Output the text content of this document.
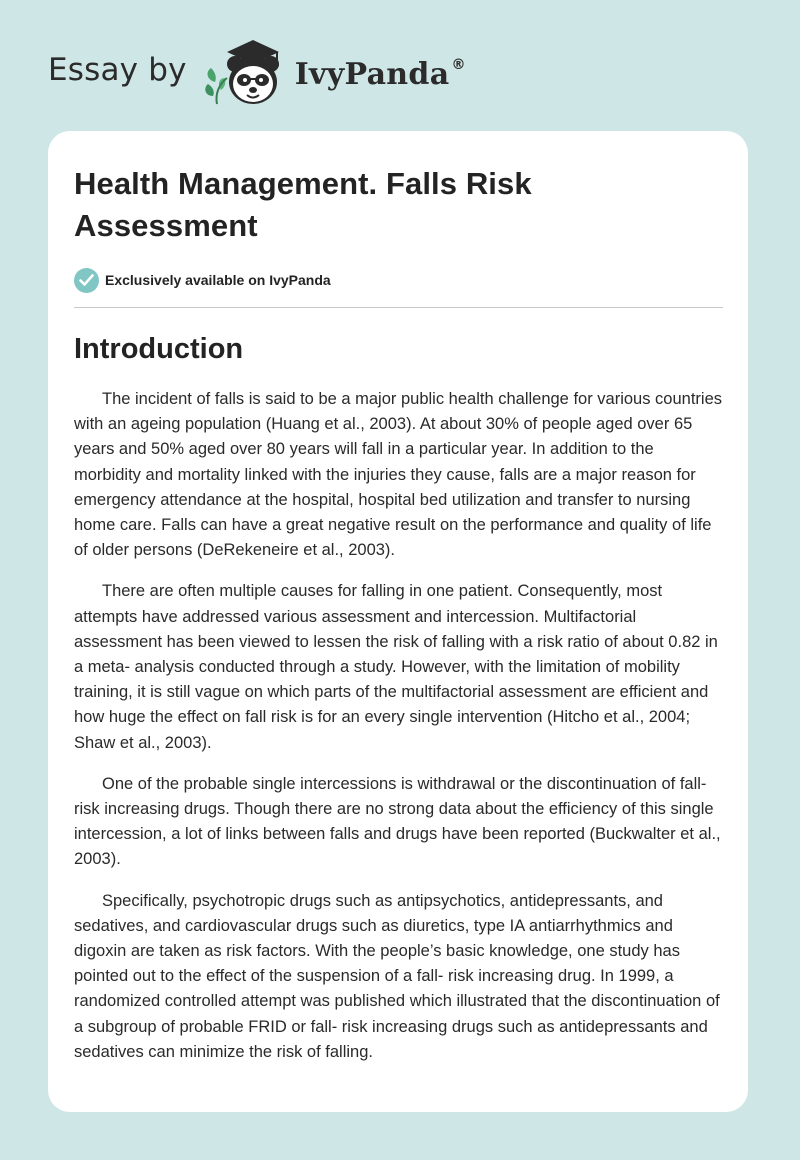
Essay by	IvyPanda ®
Health Management. Falls Risk Assessment
Exclusively available on IvyPanda
Introduction

The incident of falls is said to be a major public health challenge for various countries with an ageing population (Huang et al., 2003). At about 30% of people aged over 65 years and 50% aged over 80 years will fall in a particular year. In addition to the morbidity and mortality linked with the injuries they cause, falls are a major reason for emergency attendance at the hospital, hospital bed utilization and transfer to nursing home care. Falls can have a great negative result on the performance and quality of life of older persons (DeRekeneire et al., 2003).

There are often multiple causes for falling in one patient. Consequently, most attempts have addressed various assessment and intercession. Multifactorial assessment has been viewed to lessen the risk of falling with a risk ratio of about 0.82 in a meta- analysis conducted through a study. However, with the limitation of mobility training, it is still vague on which parts of the multifactorial assessment are efficient and how huge the effect on fall risk is for an every single intervention (Hitcho et al., 2004; Shaw et al., 2003).

One of the probable single intercessions is withdrawal or the discontinuation of fall-risk increasing drugs. Though there are no strong data about the efficiency of this single intercession, a lot of links between falls and drugs have been reported (Buckwalter et al., 2003).

Specifically, psychotropic drugs such as antipsychotics, antidepressants, and sedatives, and cardiovascular drugs such as diuretics, type IA antiarrhythmics and digoxin are taken as risk factors. With the people’s basic knowledge, one study has pointed out to the effect of the suspension of a fall- risk increasing drug. In 1999, a randomized controlled attempt was published which illustrated that the discontinuation of a subgroup of probable FRID or fall- risk increasing drugs such as antidepressants and sedatives can minimize the risk of falling.
